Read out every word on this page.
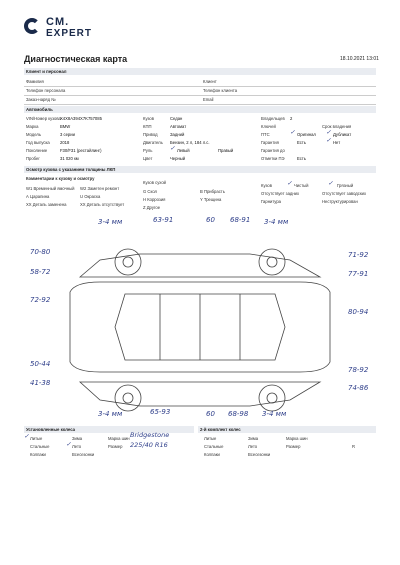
CM.
EXPERT
Диагностическая карта	18.10.2021 13:01
Клиент и персонал
Фамилия
Телефон персонала
Заказ-наряд №
Клиент
Телефон клиента
Email
Автомобиль
VIN/Номер кузова X4X8A394X7K757085
Марка	BMW
Модель	3 серии
Год выпуска 2018
Поколение	F30/F31 (рестайлинг)
Пробег	31 020 км
Кузов	Седан
КПП	Автомат
Привод	Задний
Двигатель Бензин, 2 л, 184 л.с.
Руль	✓ Левый	Правый
Цвет	Черный
Владельцев 2
Ключей	Срок владения
ПТС	✓ Оригинал ✓ Дубликат
Гарантия	Есть	✓ Нет
Гарантия до
Отметки ПЭ	Есть
Осмотр кузова с указанием толщины ЛКП
Комментарии к кузову и осмотру
W1 Временный ямочный W2 Заметен ремонт
А Царапина	U Окраска
XX Деталь заменена	XX Деталь отсутствует
Кузов сухой
G Скол	B Прибрасть
H Коррозия	Y Трещина
Z Другое
Кузов	✓ Чистый	✓ Грязный
Отсутствует задних	Отсутствует заводских
Гарнитура	Неструктурирован
3-4 мм	63-91	60 68-91 3-4 мм
70-80
58-72
72-92
50-44
41-38
71-92
77-91
80-94
78-92
74-86
3-4 мм	65-93	60 68-98 3-4 мм
Установленные колеса	2-й комплект колес
✓ Литые
Стальные
Колпаки
Зима
✓ Лето
Всесезонки
Марка шин
Размер
Bridgestone
225/40 R16
Литые
Стальные
Колпаки
Зима
Лето
Всесезонки
Марка шин
Размер	R
